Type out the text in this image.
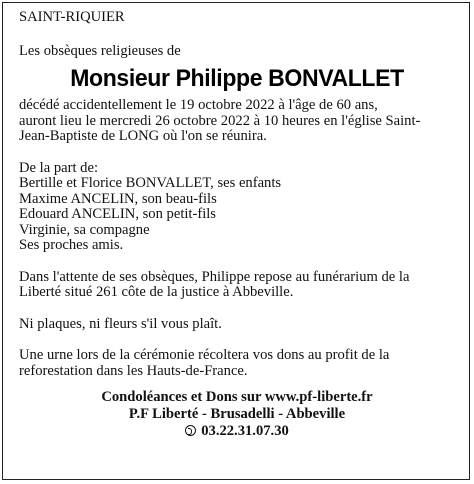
SAINT-RIQUIER
Les obsèques religieuses de
Monsieur Philippe BONVALLET
décédé accidentellement le 19 octobre 2022 à l'âge de 60 ans,
auront lieu le mercredi 26 octobre 2022 à 10 heures en l'église Saint-
Jean-Baptiste de LONG où l'on se réunira.
De la part de:
Bertille et Florice BONVALLET, ses enfants
Maxime ANCELIN, son beau-fils
Edouard ANCELIN, son petit-fils
Virginie, sa compagne
Ses proches amis.
Dans l'attente de ses obsèques, Philippe repose au funérarium de la
Liberté situé 261 côte de la justice à Abbeville.
Ni plaques, ni fleurs s'il vous plaît.
Une urne lors de la cérémonie récoltera vos dons au profit de la
reforestation dans les Hauts-de-France.
Condoléances et Dons sur www.pf-liberte.fr
P.F Liberté - Brusadelli - Abbeville
03.22.31.07.30
